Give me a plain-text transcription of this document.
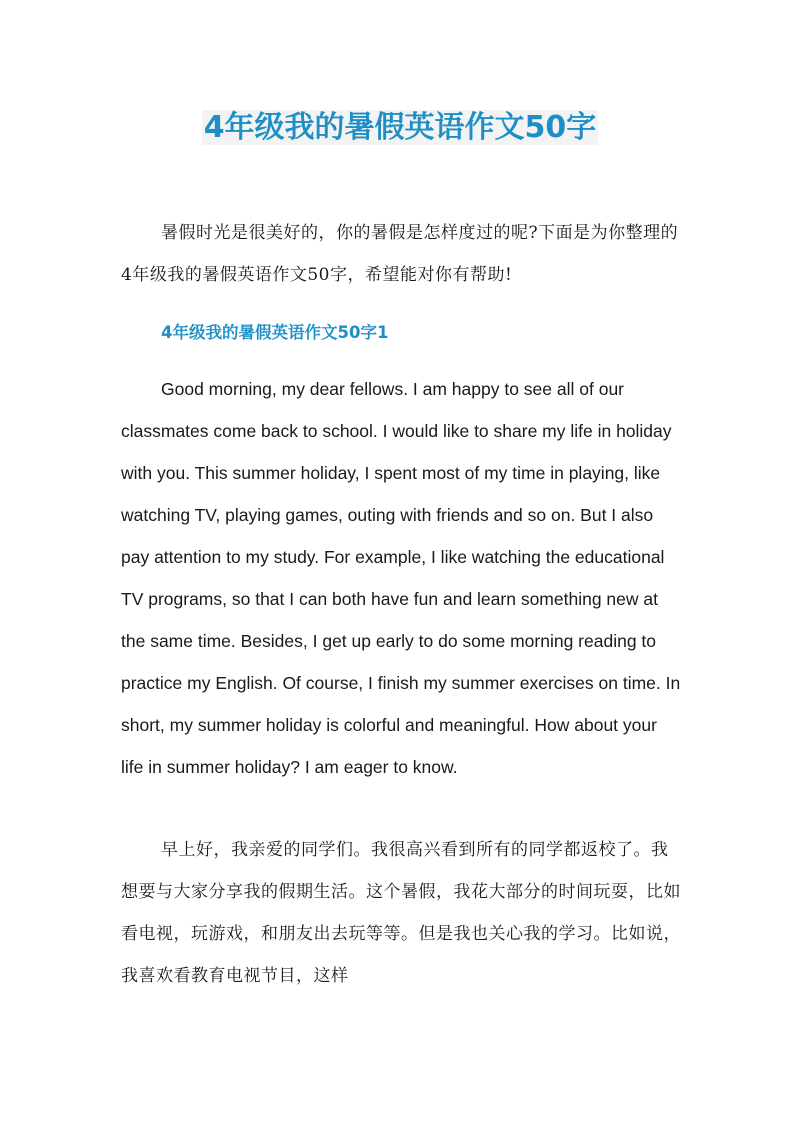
4年级我的暑假英语作文50字

暑假时光是很美好的，你的暑假是怎样度过的呢?下面是为你整理的4年级我的暑假英语作文50字，希望能对你有帮助!

4年级我的暑假英语作文50字1

Good morning, my dear fellows. I am happy to see all of our classmates come back to school. I would like to share my life in holiday with you. This summer holiday, I spent most of my time in playing, like watching TV, playing games, outing with friends and so on. But I also pay attention to my study. For example, I like watching the educational TV programs, so that I can both have fun and learn something new at the same time. Besides, I get up early to do some morning reading to practice my English. Of course, I finish my summer exercises on time. In short, my summer holiday is colorful and meaningful. How about your life in summer holiday? I am eager to know.

早上好，我亲爱的同学们。我很高兴看到所有的同学都返校了。我想要与大家分享我的假期生活。这个暑假，我花大部分的时间玩耍，比如看电视，玩游戏，和朋友出去玩等等。但是我也关心我的学习。比如说，我喜欢看教育电视节目，这样
